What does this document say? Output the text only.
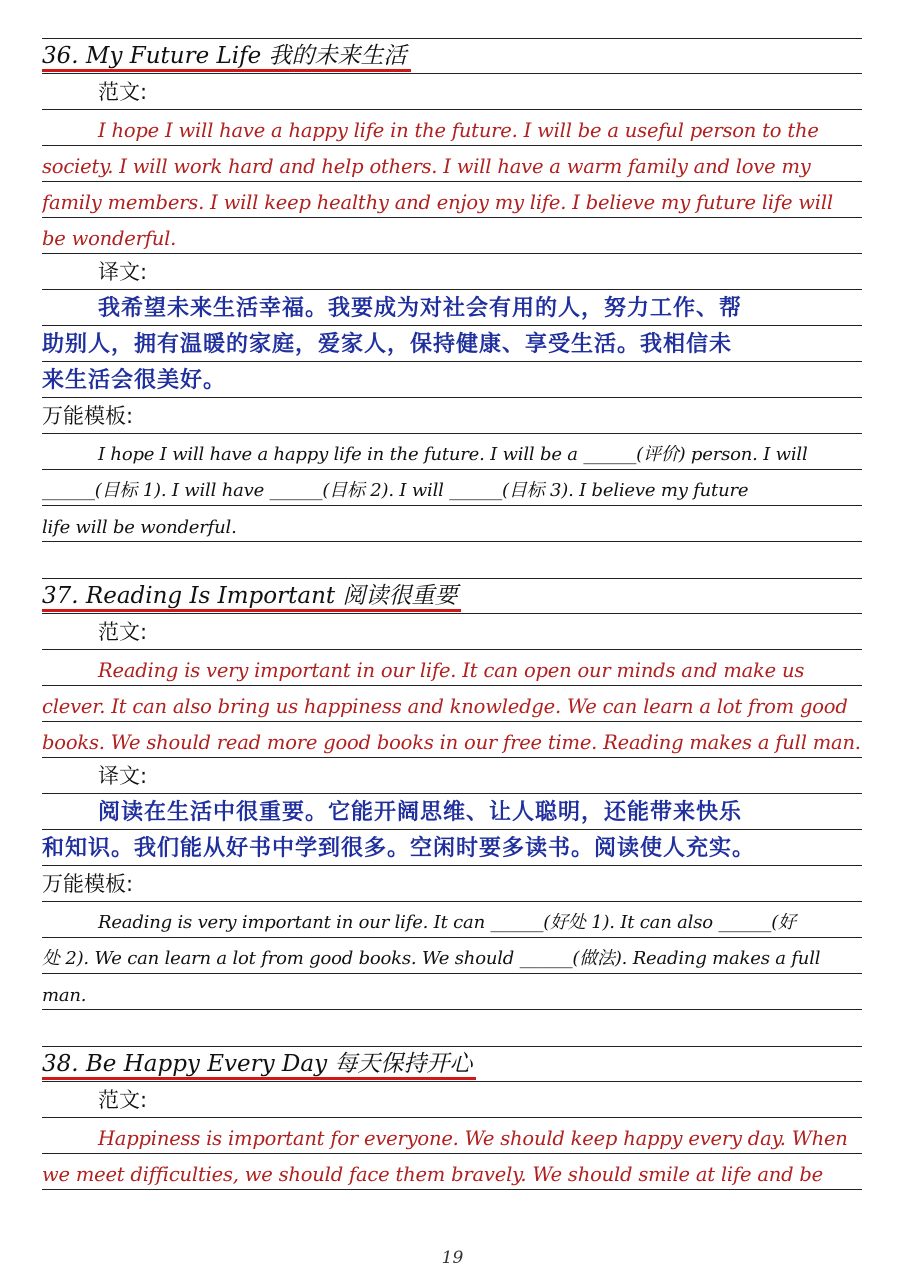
36. My Future Life 我的未来生活
范文:
I hope I will have a happy life in the future. I will be a useful person to the
society. I will work hard and help others. I will have a warm family and love my
family members. I will keep healthy and enjoy my life. I believe my future life will
be wonderful.
译文:
我希望未来生活幸福。我要成为对社会有用的人，努力工作、帮
助别人，拥有温暖的家庭，爱家人，保持健康、享受生活。我相信未
来生活会很美好。
万能模板:
I hope I will have a happy life in the future. I will be a ______(评价) person. I will
______(目标 1). I will have ______(目标 2). I will ______(目标 3). I believe my future
life will be wonderful.
37. Reading Is Important 阅读很重要
范文:
Reading is very important in our life. It can open our minds and make us
clever. It can also bring us happiness and knowledge. We can learn a lot from good
books. We should read more good books in our free time. Reading makes a full man.
译文:
阅读在生活中很重要。它能开阔思维、让人聪明，还能带来快乐
和知识。我们能从好书中学到很多。空闲时要多读书。阅读使人充实。
万能模板:
Reading is very important in our life. It can ______(好处 1). It can also ______(好
处 2). We can learn a lot from good books. We should ______(做法). Reading makes a full
man.
38. Be Happy Every Day 每天保持开心
范文:
Happiness is important for everyone. We should keep happy every day. When
we meet difficulties, we should face them bravely. We should smile at life and be
19
